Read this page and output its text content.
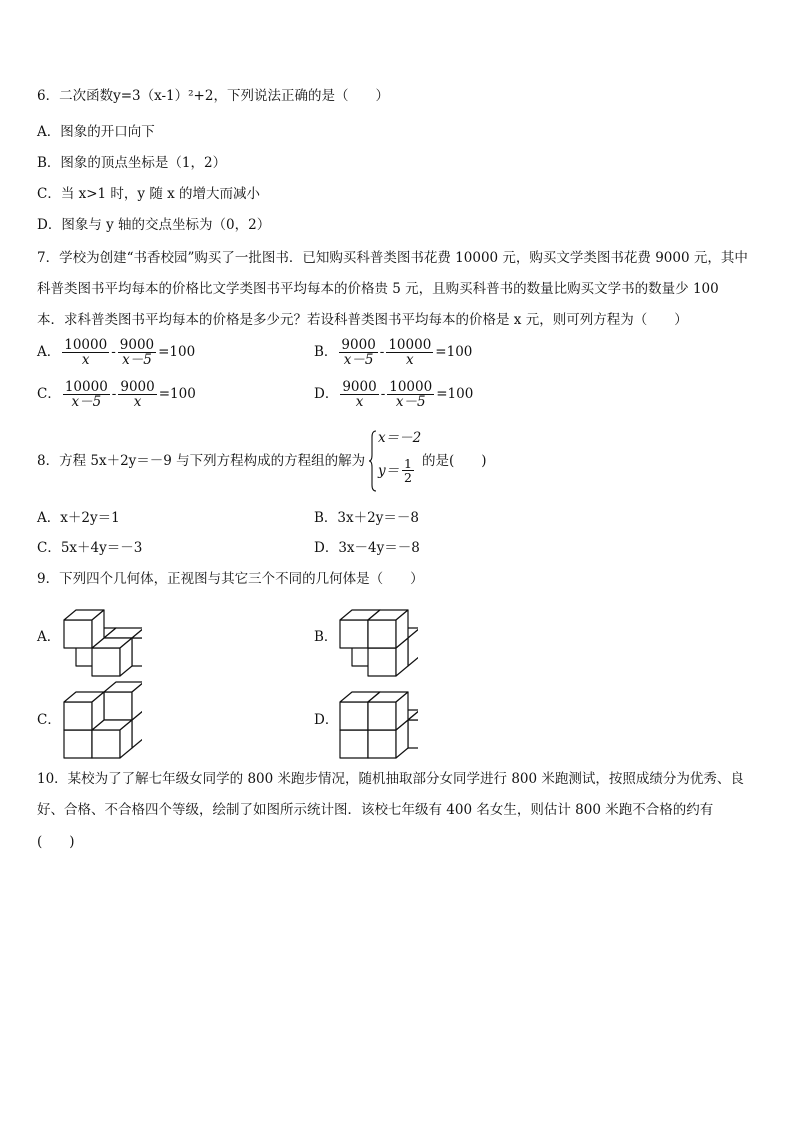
6．二次函数y=3（x-1）²+2，下列说法正确的是（　　）
A．图象的开口向下
B．图象的顶点坐标是（1，2）
C．当 x>1 时，y 随 x 的增大而减小
D．图象与 y 轴的交点坐标为（0，2）
7．学校为创建“书香校园”购买了一批图书．已知购买科普类图书花费 10000 元，购买文学类图书花费 9000 元，其中
科普类图书平均每本的价格比文学类图书平均每本的价格贵 5 元，且购买科普书的数量比购买文学书的数量少 100
本．求科普类图书平均每本的价格是多少元？若设科普类图书平均每本的价格是 x 元，则可列方程为（　　）
A． $\frac{10000}{x} - \frac{9000}{x-5} =100$	B． $\frac{9000}{x-5} - \frac{10000}{x} =100$
C． $\frac{10000}{x-5} - \frac{9000}{x} =100$	D． $\frac{9000}{x} - \frac{10000}{x-5} =100$
8．方程 5x＋2y＝－9 与下列方程构成的方程组的解为
x＝－2
$y= \frac{1}{2}$ 的是(　　)
A．x＋2y＝1	B．3x＋2y＝－8
C．5x＋4y＝－3	D．3x－4y＝－8
9．下列四个几何体，正视图与其它三个不同的几何体是（　　）
A．	B．
C．	D．
10．某校为了了解七年级女同学的 800 米跑步情况，随机抽取部分女同学进行 800 米跑测试，按照成绩分为优秀、良
好、合格、不合格四个等级，绘制了如图所示统计图．该校七年级有 400 名女生，则估计 800 米跑不合格的约有
(　　)
